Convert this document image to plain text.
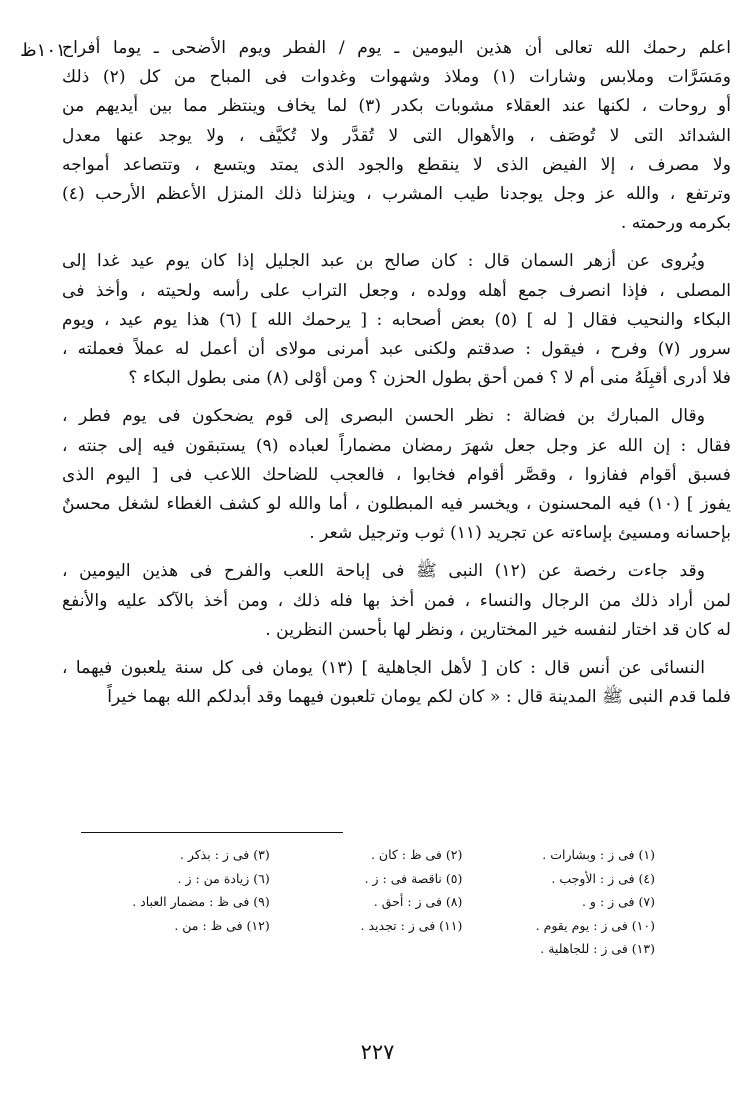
١٠١ظ

اعلم رحمك الله تعالى أن هذين اليومين ـ يوم / الفطر ويوم الأضحى ـ يوما أفراح
ومَسَرَّات وملابس وشارات (١) وملاذ وشهوات وغدوات فى المباح من كل (٢) ذلك
أو روحات ، لكنها عند العقلاء مشوبات بكدر (٣) لما يخاف وينتظر مما بين أيديهم من
الشدائد التى لا تُوصَف ، والأهوال التى لا تُقدَّر ولا تُكيَّف ، ولا يوجد عنها معدل
ولا مصرف ، إلا الفيض الذى لا ينقطع والجود الذى يمتد ويتسع ، وتتصاعد أمواجه
وترتفع ، والله عز وجل يوجدنا طيب المشرب ، وينزلنا ذلك المنزل الأعظم الأرحب (٤)
بكرمه ورحمته .

ويُروى عن أزهر السمان قال : كان صالح بن عبد الجليل إذا كان يوم عيد غدا إلى
المصلى ، فإذا انصرف جمع أهله وولده ، وجعل التراب على رأسه ولحيته ، وأخذ فى
البكاء والنحيب فقال [ له ] (٥) بعض أصحابه : [ يرحمك الله ] (٦) هذا يوم عيد ، ويوم
سرور (٧) وفرح ، فيقول : صدقتم ولكنى عبد أمرنى مولاى أن أعمل له عملاً فعملته ،
فلا أدرى أقبِلَهُ منى أم لا ؟ فمن أحق بطول الحزن ؟ ومن أوْلى (٨) منى بطول البكاء ؟

وقال المبارك بن فضالة : نظر الحسن البصرى إلى قوم يضحكون فى يوم فطر ،
فقال : إن الله عز وجل جعل شهرَ رمضان مضماراً لعباده (٩) يستبقون فيه إلى جنته ،
فسبق أقوام ففازوا ، وقصَّر أقوام فخابوا ، فالعجب للضاحك اللاعب فى [ اليوم الذى
يفوز ] (١٠) فيه المحسنون ، ويخسر فيه المبطلون ، أما والله لو كشف الغطاء لشغل محسنٌ
بإحسانه ومسيئ بإساءته عن تجريد (١١) ثوب وترجيل شعر .

وقد جاءت رخصة عن (١٢) النبى ﷺ فى إباحة اللعب والفرح فى هذين اليومين ،
لمن أراد ذلك من الرجال والنساء ، فمن أخذ بها فله ذلك ، ومن أخذ بالآكد عليه والأنفع
له كان قد اختار لنفسه خير المختارين ، ونظر لها بأحسن النظرين .

النسائى عن أنس قال : كان [ لأهل الجاهلية ] (١٣) يومان فى كل سنة يلعبون فيهما ،
فلما قدم النبى ﷺ المدينة قال : « كان لكم يومان تلعبون فيهما وقد أبدلكم الله بهما خيراً

(١) فى ز : وبشارات .
(٢) فى ظ : كان .
(٣) فى ز : بذكر .
(٤) فى ز : الأوجب .
(٥) ناقصة فى : ز .
(٦) زيادة من : ز .
(٧) فى ز : و .
(٨) فى ز : أحق .
(٩) فى ظ : مضمار العباد .
(١٠) فى ز : يوم يقوم .
(١١) فى ز : تجديد .
(١٢) فى ظ : من .
(١٣) فى ز : للجاهلية .
٢٢٧
